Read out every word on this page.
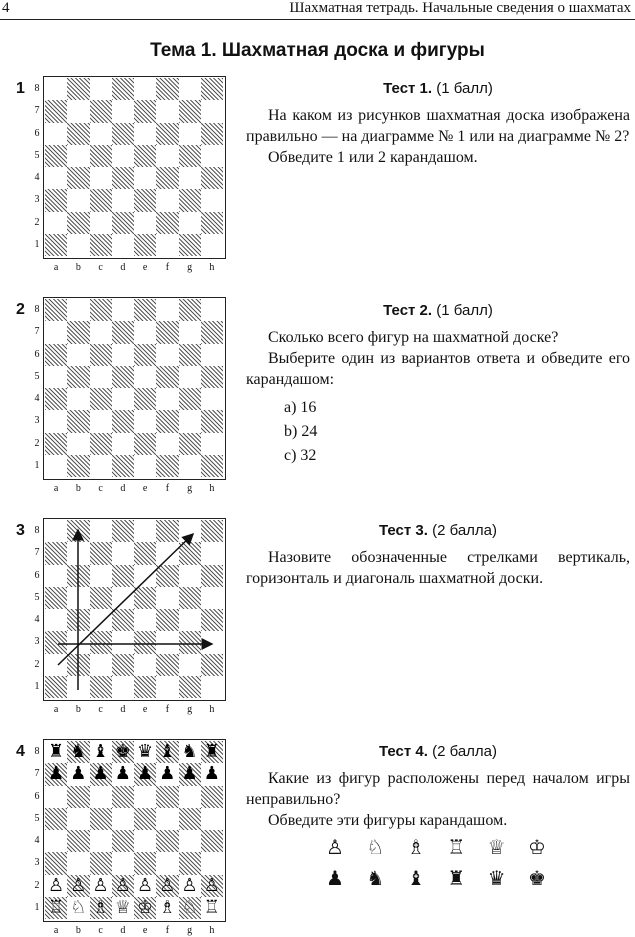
4	Шахматная тетрадь. Начальные сведения о шахматах
Тема 1. Шахматная доска и фигуры
1
2
3
4 ♜ ♞ ♝ ♚ ♛ ♝ ♞ ♜
♟ ♟ ♟ ♟ ♟ ♟ ♟ ♟
♙ ♙ ♙ ♙ ♙ ♙ ♙ ♙
♖ ♘ ♗ ♕ ♔ ♗ ♘ ♖
8
7
6
5
4
3
2
1
a b c d e	f	g h
8
7
6
5
4
3
2
1
a b c d e	f	g h
8
7
6
5
4
3
2
1
a b c d e	f	g h
8
7
6
5
4
3
2
1
a b c d e	f	g h
Тест 1. (1 балл)

На каком из рисунков шахматная доска изображена правильно — на диаграмме № 1 или на диаграмме № 2?

Обведите 1 или 2 карандашом.

Тест 2. (1 балл)

Сколько всего фигур на шахматной доске?

Выберите один из вариантов ответа и обведите его карандашом:

а) 16

b) 24

c) 32

Тест 3. (2 балла)

Назовите обозначенные стрелками вертикаль, горизонталь и диагональ шахматной доски.

Тест 4. (2 балла)

Какие из фигур расположены перед началом игры неправильно?

Обведите эти фигуры карандашом.

♙ ♘ ♗ ♖ ♕ ♔
♟ ♞ ♝ ♜ ♛ ♚
